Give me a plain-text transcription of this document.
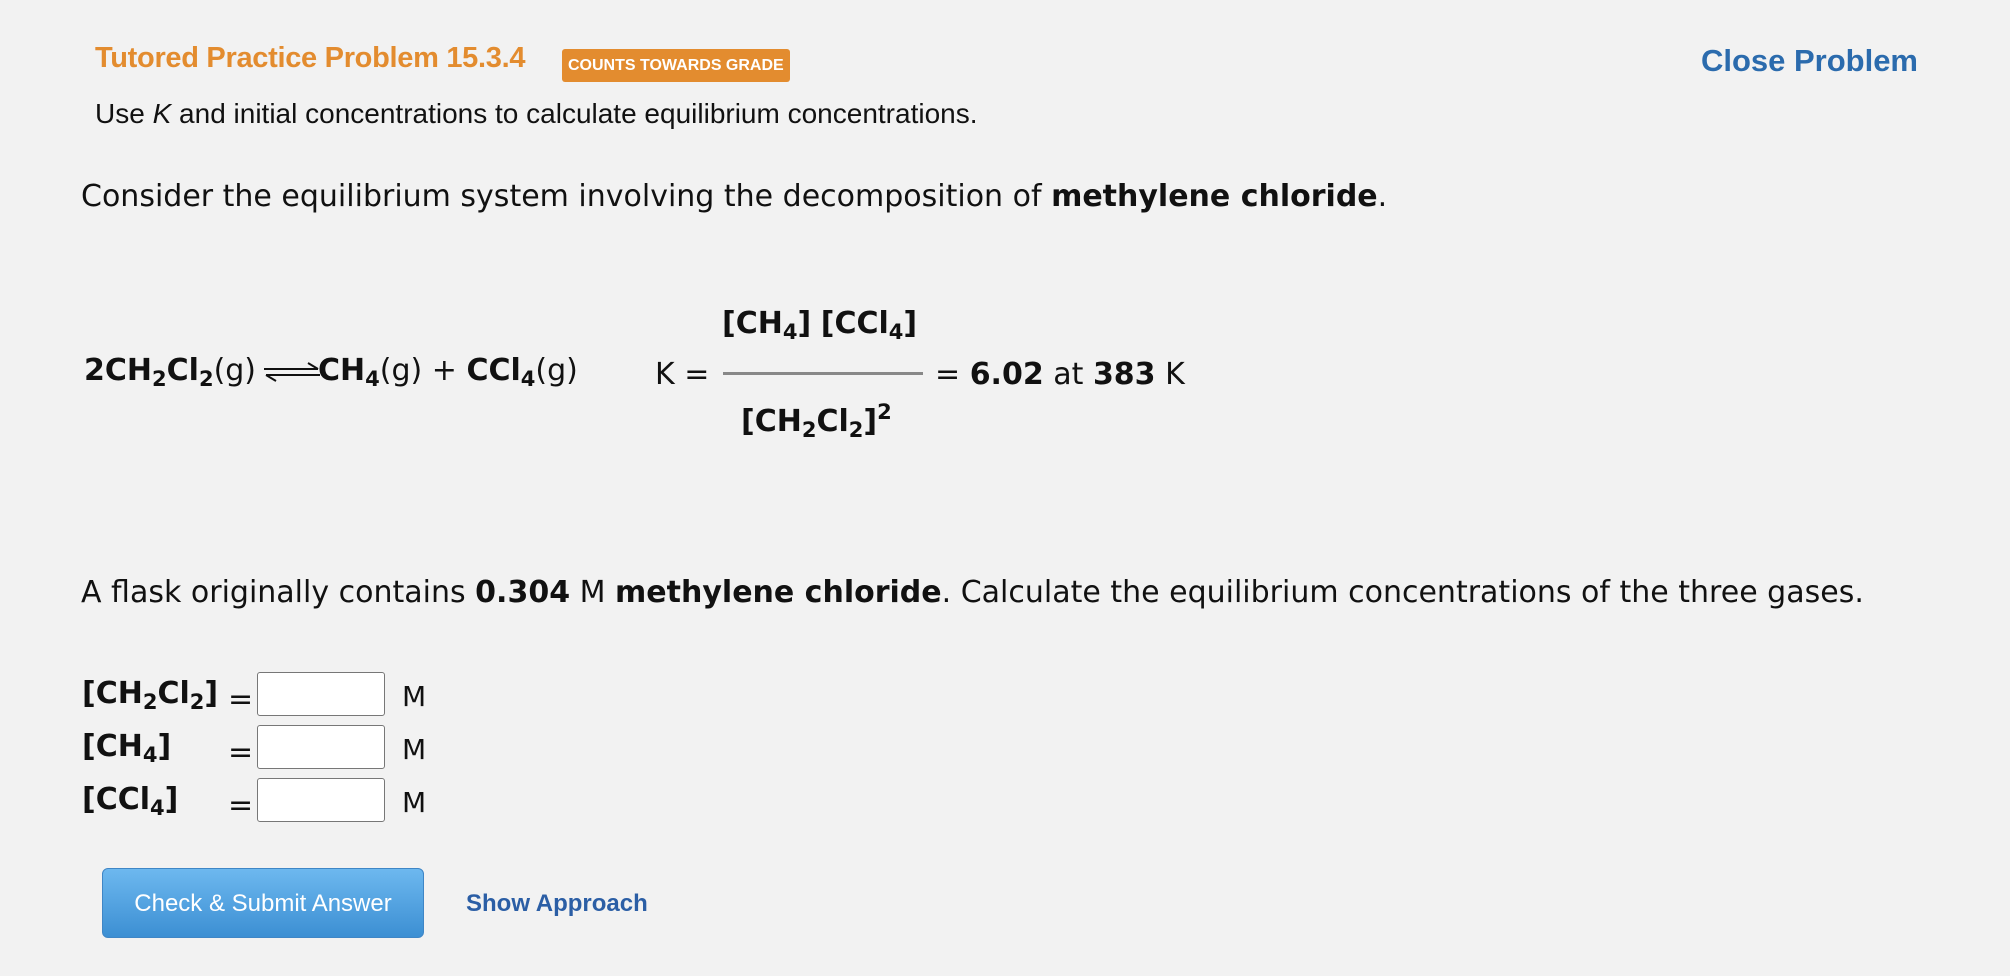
Tutored Practice Problem 15.3.4	COUNTS TOWARDS GRADE	Close Problem
Use K and initial concentrations to calculate equilibrium concentrations.
Consider the equilibrium system involving the decomposition of methylene chloride.
$2CH_2Cl_2(g)$ $\rightleftharpoons CH_4(g) + CCl_4(g)$	K =
$[CH_4]$ [CCl$_4$]
$[CH_2Cl_2]^2$
= 6.02 at 383 K
A flask originally contains 0.304 M methylene chloride. Calculate the equilibrium concentrations of the three gases.
$[CH_2Cl_2]$ =	M
$[CH_4]$ =	M
[CCl$_4$] =	M
Check & Submit Answer	Show Approach
